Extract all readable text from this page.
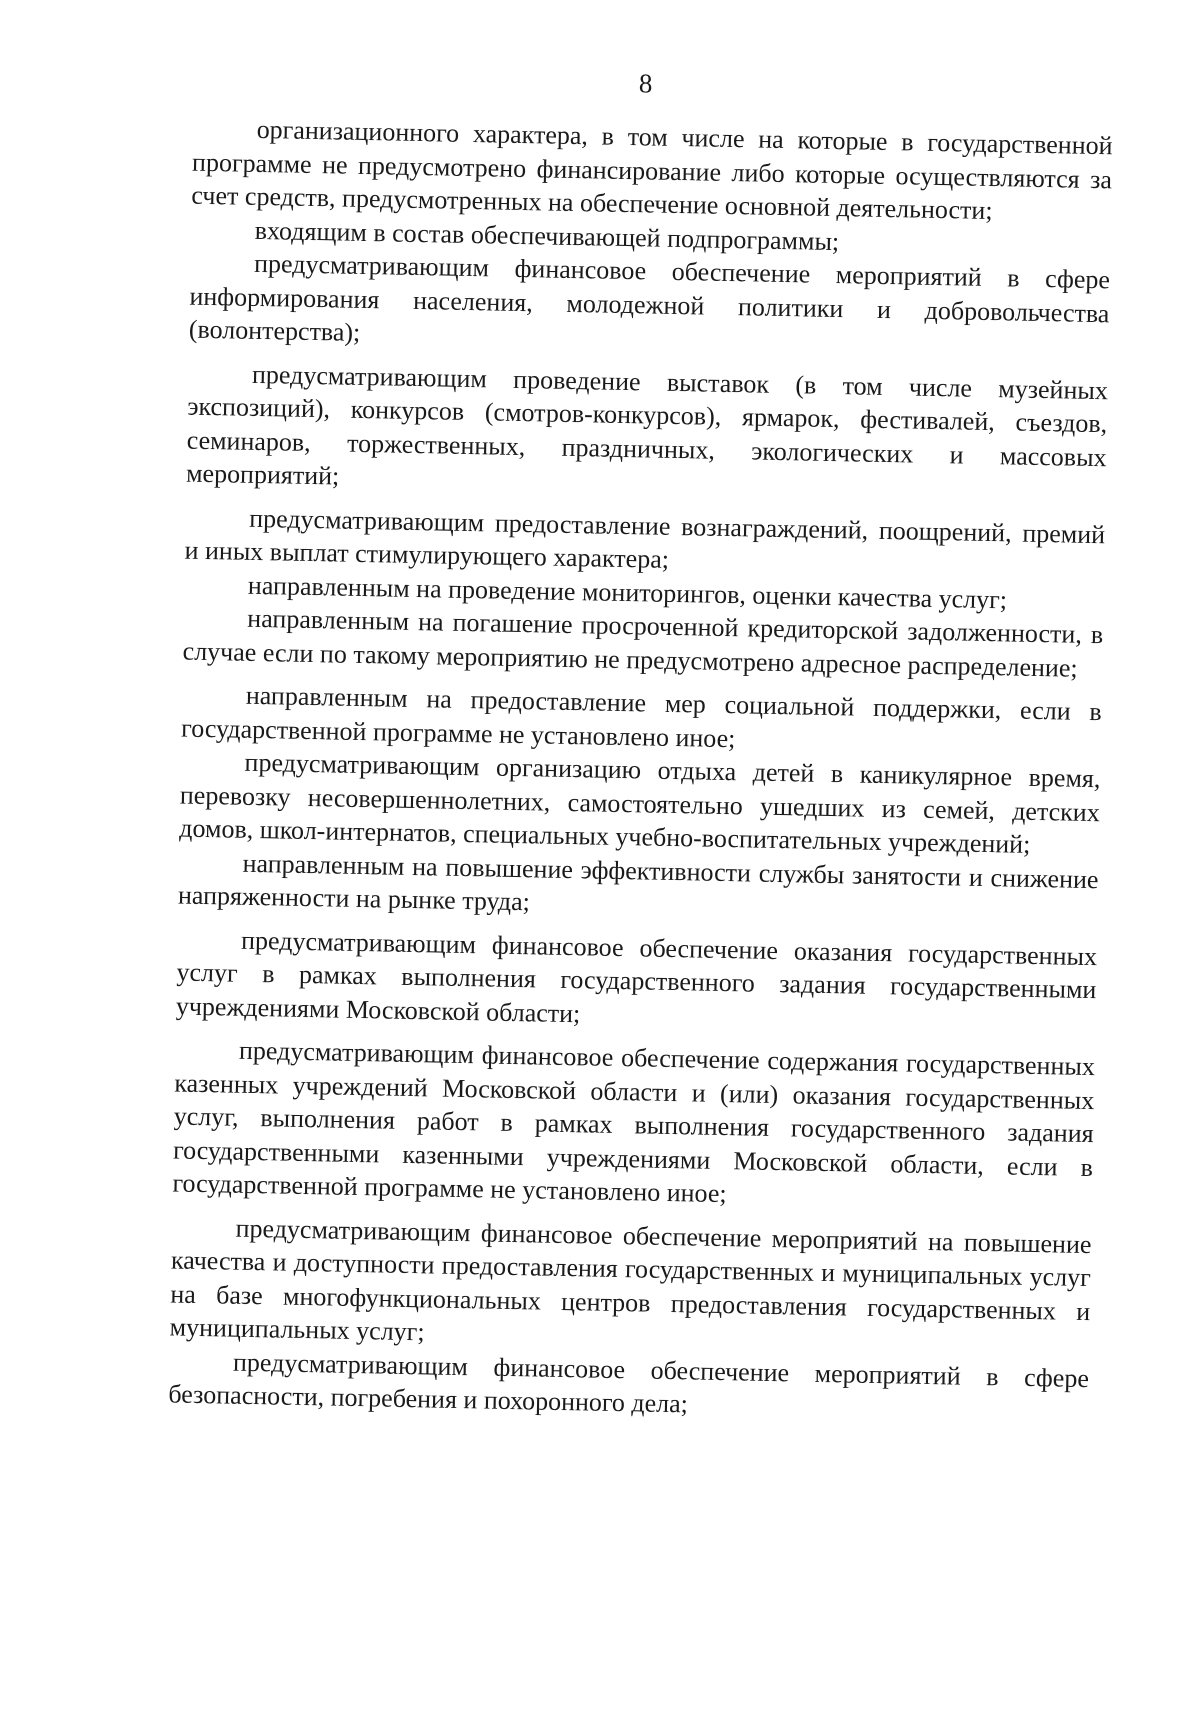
8

организационного характера, в том числе на которые в государственной программе не предусмотрено финансирование либо которые осуществляются за счет средств, предусмотренных на обеспечение основной деятельности;

входящим в состав обеспечивающей подпрограммы;

предусматривающим финансовое обеспечение мероприятий в сфере информирования населения, молодежной политики и добровольчества (волонтерства);

предусматривающим проведение выставок (в том числе музейных экспозиций), конкурсов (смотров-конкурсов), ярмарок, фестивалей, съездов, семинаров, торжественных, праздничных, экологических и массовых мероприятий;

предусматривающим предоставление вознаграждений, поощрений, премий и иных выплат стимулирующего характера;

направленным на проведение мониторингов, оценки качества услуг;

направленным на погашение просроченной кредиторской задолженности, в случае если по такому мероприятию не предусмотрено адресное распределение;

направленным на предоставление мер социальной поддержки, если в государственной программе не установлено иное;

предусматривающим организацию отдыха детей в каникулярное время, перевозку несовершеннолетних, самостоятельно ушедших из семей, детских домов, школ-интернатов, специальных учебно-воспитательных учреждений;

направленным на повышение эффективности службы занятости и снижение напряженности на рынке труда;

предусматривающим финансовое обеспечение оказания государственных услуг в рамках выполнения государственного задания государственными учреждениями Московской области;

предусматривающим финансовое обеспечение содержания государственных казенных учреждений Московской области и (или) оказания государственных услуг, выполнения работ в рамках выполнения государственного задания государственными казенными учреждениями Московской области, если в государственной программе не установлено иное;

предусматривающим финансовое обеспечение мероприятий на повышение качества и доступности предоставления государственных и муниципальных услуг на базе многофункциональных центров предоставления государственных и муниципальных услуг;

предусматривающим финансовое обеспечение мероприятий в сфере безопасности, погребения и похоронного дела;
